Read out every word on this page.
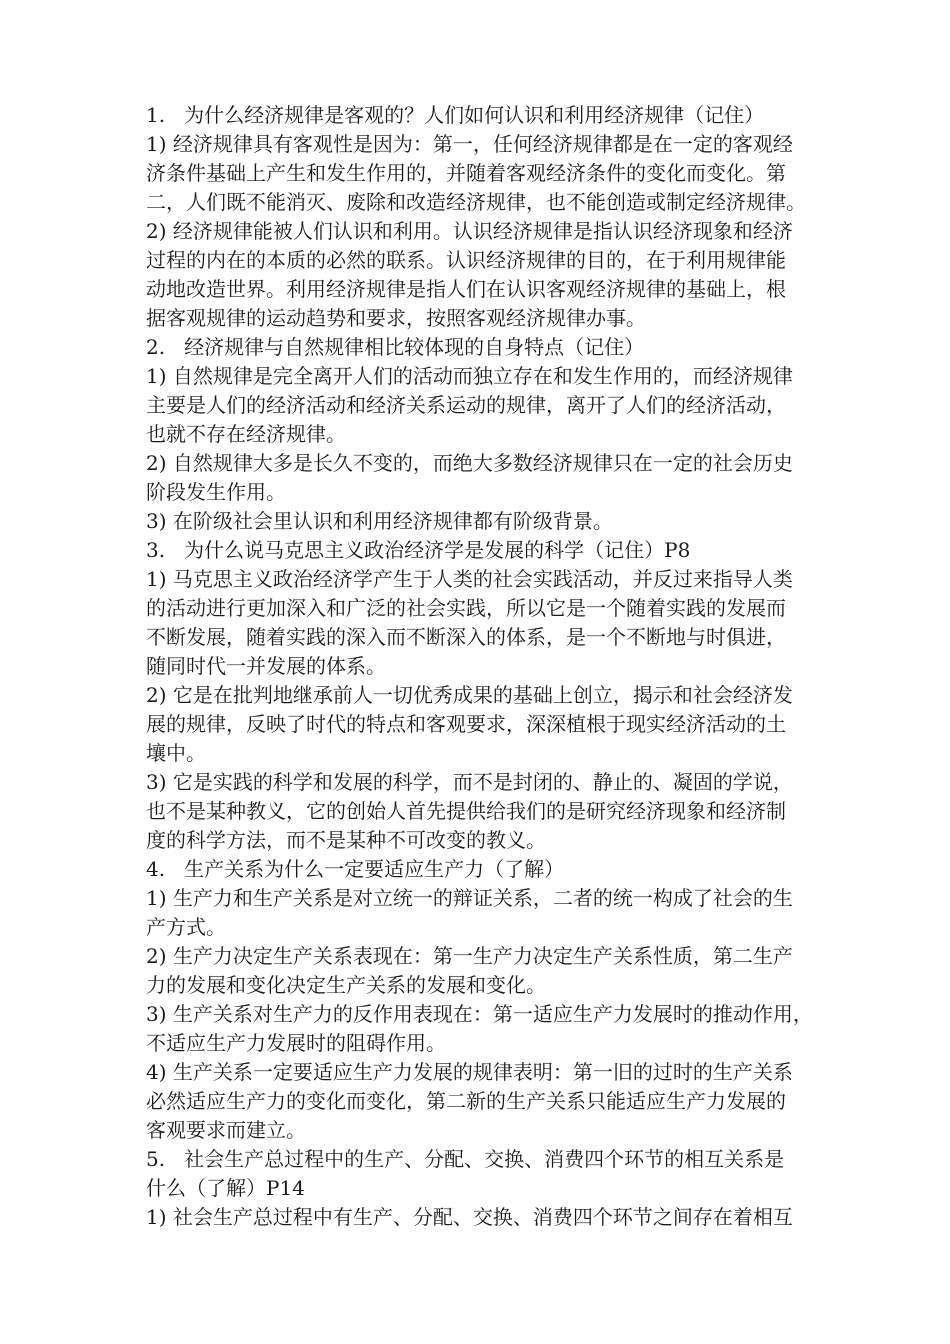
1.   为什么经济规律是客观的？人们如何认识和利用经济规律（记住）
1) 经济规律具有客观性是因为：第一，任何经济规律都是在一定的客观经
济条件基础上产生和发生作用的，并随着客观经济条件的变化而变化。第
二，人们既不能消灭、废除和改造经济规律，也不能创造或制定经济规律。
2) 经济规律能被人们认识和利用。认识经济规律是指认识经济现象和经济
过程的内在的本质的必然的联系。认识经济规律的目的，在于利用规律能
动地改造世界。利用经济规律是指人们在认识客观经济规律的基础上，根
据客观规律的运动趋势和要求，按照客观经济规律办事。
2.   经济规律与自然规律相比较体现的自身特点（记住）
1) 自然规律是完全离开人们的活动而独立存在和发生作用的，而经济规律
主要是人们的经济活动和经济关系运动的规律，离开了人们的经济活动，
也就不存在经济规律。
2) 自然规律大多是长久不变的，而绝大多数经济规律只在一定的社会历史
阶段发生作用。
3) 在阶级社会里认识和利用经济规律都有阶级背景。
3.   为什么说马克思主义政治经济学是发展的科学（记住）P8
1) 马克思主义政治经济学产生于人类的社会实践活动，并反过来指导人类
的活动进行更加深入和广泛的社会实践，所以它是一个随着实践的发展而
不断发展，随着实践的深入而不断深入的体系，是一个不断地与时俱进，
随同时代一并发展的体系。
2) 它是在批判地继承前人一切优秀成果的基础上创立，揭示和社会经济发
展的规律，反映了时代的特点和客观要求，深深植根于现实经济活动的土
壤中。
3) 它是实践的科学和发展的科学，而不是封闭的、静止的、凝固的学说，
也不是某种教义，它的创始人首先提供给我们的是研究经济现象和经济制
度的科学方法，而不是某种不可改变的教义。
4.   生产关系为什么一定要适应生产力（了解）
1) 生产力和生产关系是对立统一的辩证关系，二者的统一构成了社会的生
产方式。
2) 生产力决定生产关系表现在：第一生产力决定生产关系性质，第二生产
力的发展和变化决定生产关系的发展和变化。
3) 生产关系对生产力的反作用表现在：第一适应生产力发展时的推动作用，
不适应生产力发展时的阻碍作用。
4) 生产关系一定要适应生产力发展的规律表明：第一旧的过时的生产关系
必然适应生产力的变化而变化，第二新的生产关系只能适应生产力发展的
客观要求而建立。
5.   社会生产总过程中的生产、分配、交换、消费四个环节的相互关系是
什么（了解）P14
1) 社会生产总过程中有生产、分配、交换、消费四个环节之间存在着相互
